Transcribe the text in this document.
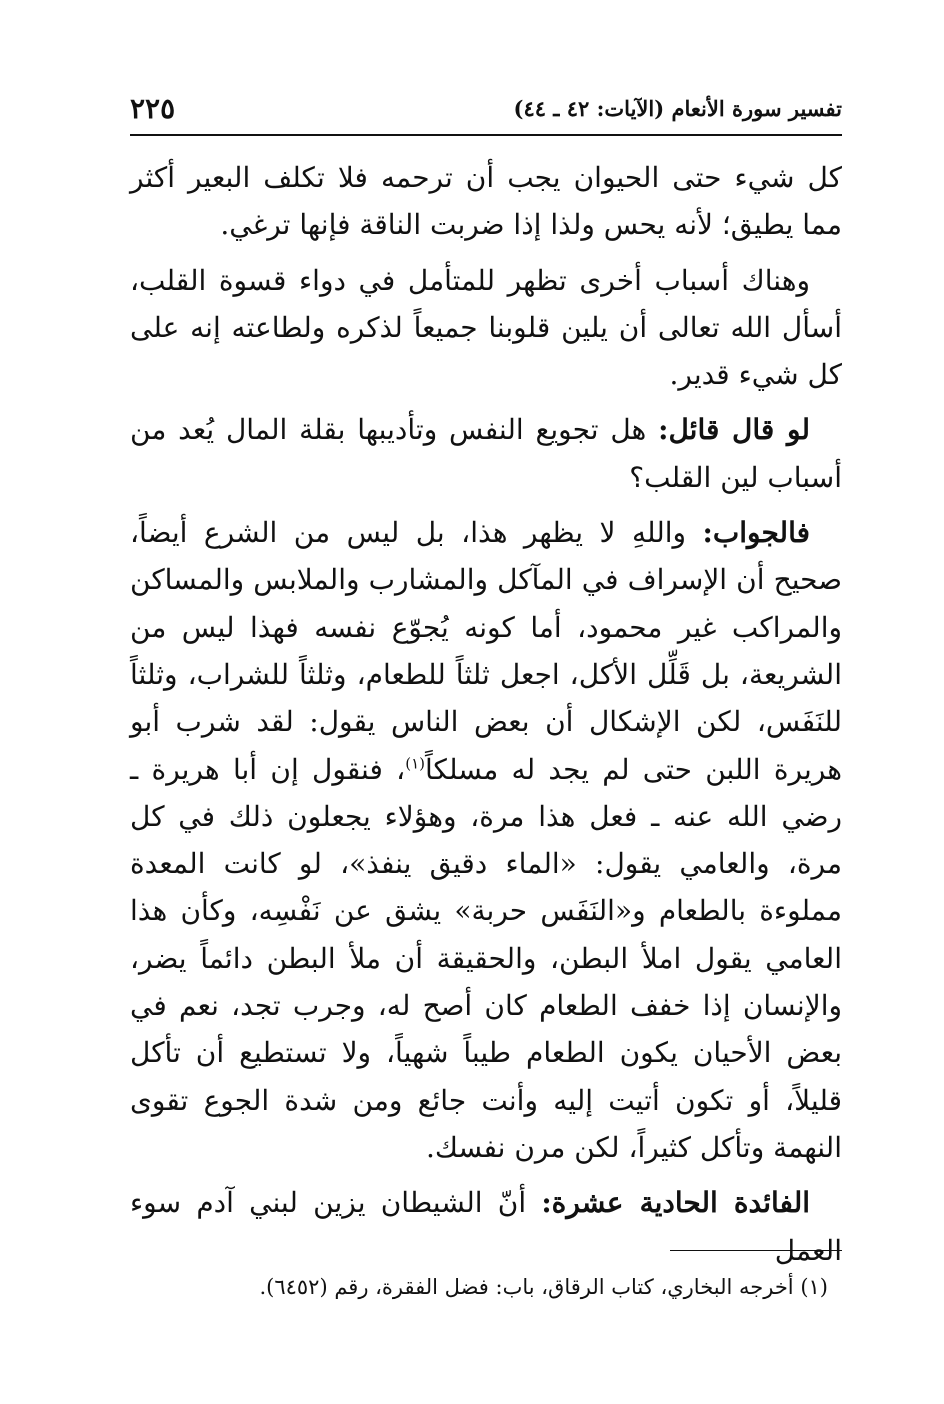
تفسير سورة الأنعام (الآيات: ٤٢ ـ ٤٤)
٢٢٥

كل شيء حتى الحيوان يجب أن ترحمه فلا تكلف البعير أكثر مما يطيق؛ لأنه يحس ولذا إذا ضربت الناقة فإنها ترغي.

وهناك أسباب أخرى تظهر للمتأمل في دواء قسوة القلب، أسأل الله تعالى أن يلين قلوبنا جميعاً لذكره ولطاعته إنه على كل شيء قدير.

لو قال قائل: هل تجويع النفس وتأديبها بقلة المال يُعد من أسباب لين القلب؟

فالجواب: واللهِ لا يظهر هذا، بل ليس من الشرع أيضاً، صحيح أن الإسراف في المآكل والمشارب والملابس والمساكن والمراكب غير محمود، أما كونه يُجوّع نفسه فهذا ليس من الشريعة، بل قَلِّل الأكل، اجعل ثلثاً للطعام، وثلثاً للشراب، وثلثاً للنَفَس، لكن الإشكال أن بعض الناس يقول: لقد شرب أبو هريرة اللبن حتى لم يجد له مسلكاً$^{(١)}$، فنقول إن أبا هريرة ـ رضي الله عنه ـ فعل هذا مرة، وهؤلاء يجعلون ذلك في كل مرة، والعامي يقول: «الماء دقيق ينفذ»، لو كانت المعدة مملوءة بالطعام و«النَفَس حربة» يشق عن نَفْسِه، وكأن هذا العامي يقول املأ البطن، والحقيقة أن ملأ البطن دائماً يضر، والإنسان إذا خفف الطعام كان أصح له، وجرب تجد، نعم في بعض الأحيان يكون الطعام طيباً شهياً، ولا تستطيع أن تأكل قليلاً، أو تكون أتيت إليه وأنت جائع ومن شدة الجوع تقوى النهمة وتأكل كثيراً، لكن مرن نفسك.

الفائدة الحادية عشرة: أنّ الشيطان يزين لبني آدم سوء العمل

(١) أخرجه البخاري، كتاب الرقاق، باب: فضل الفقرة، رقم (٦٤٥٢).
